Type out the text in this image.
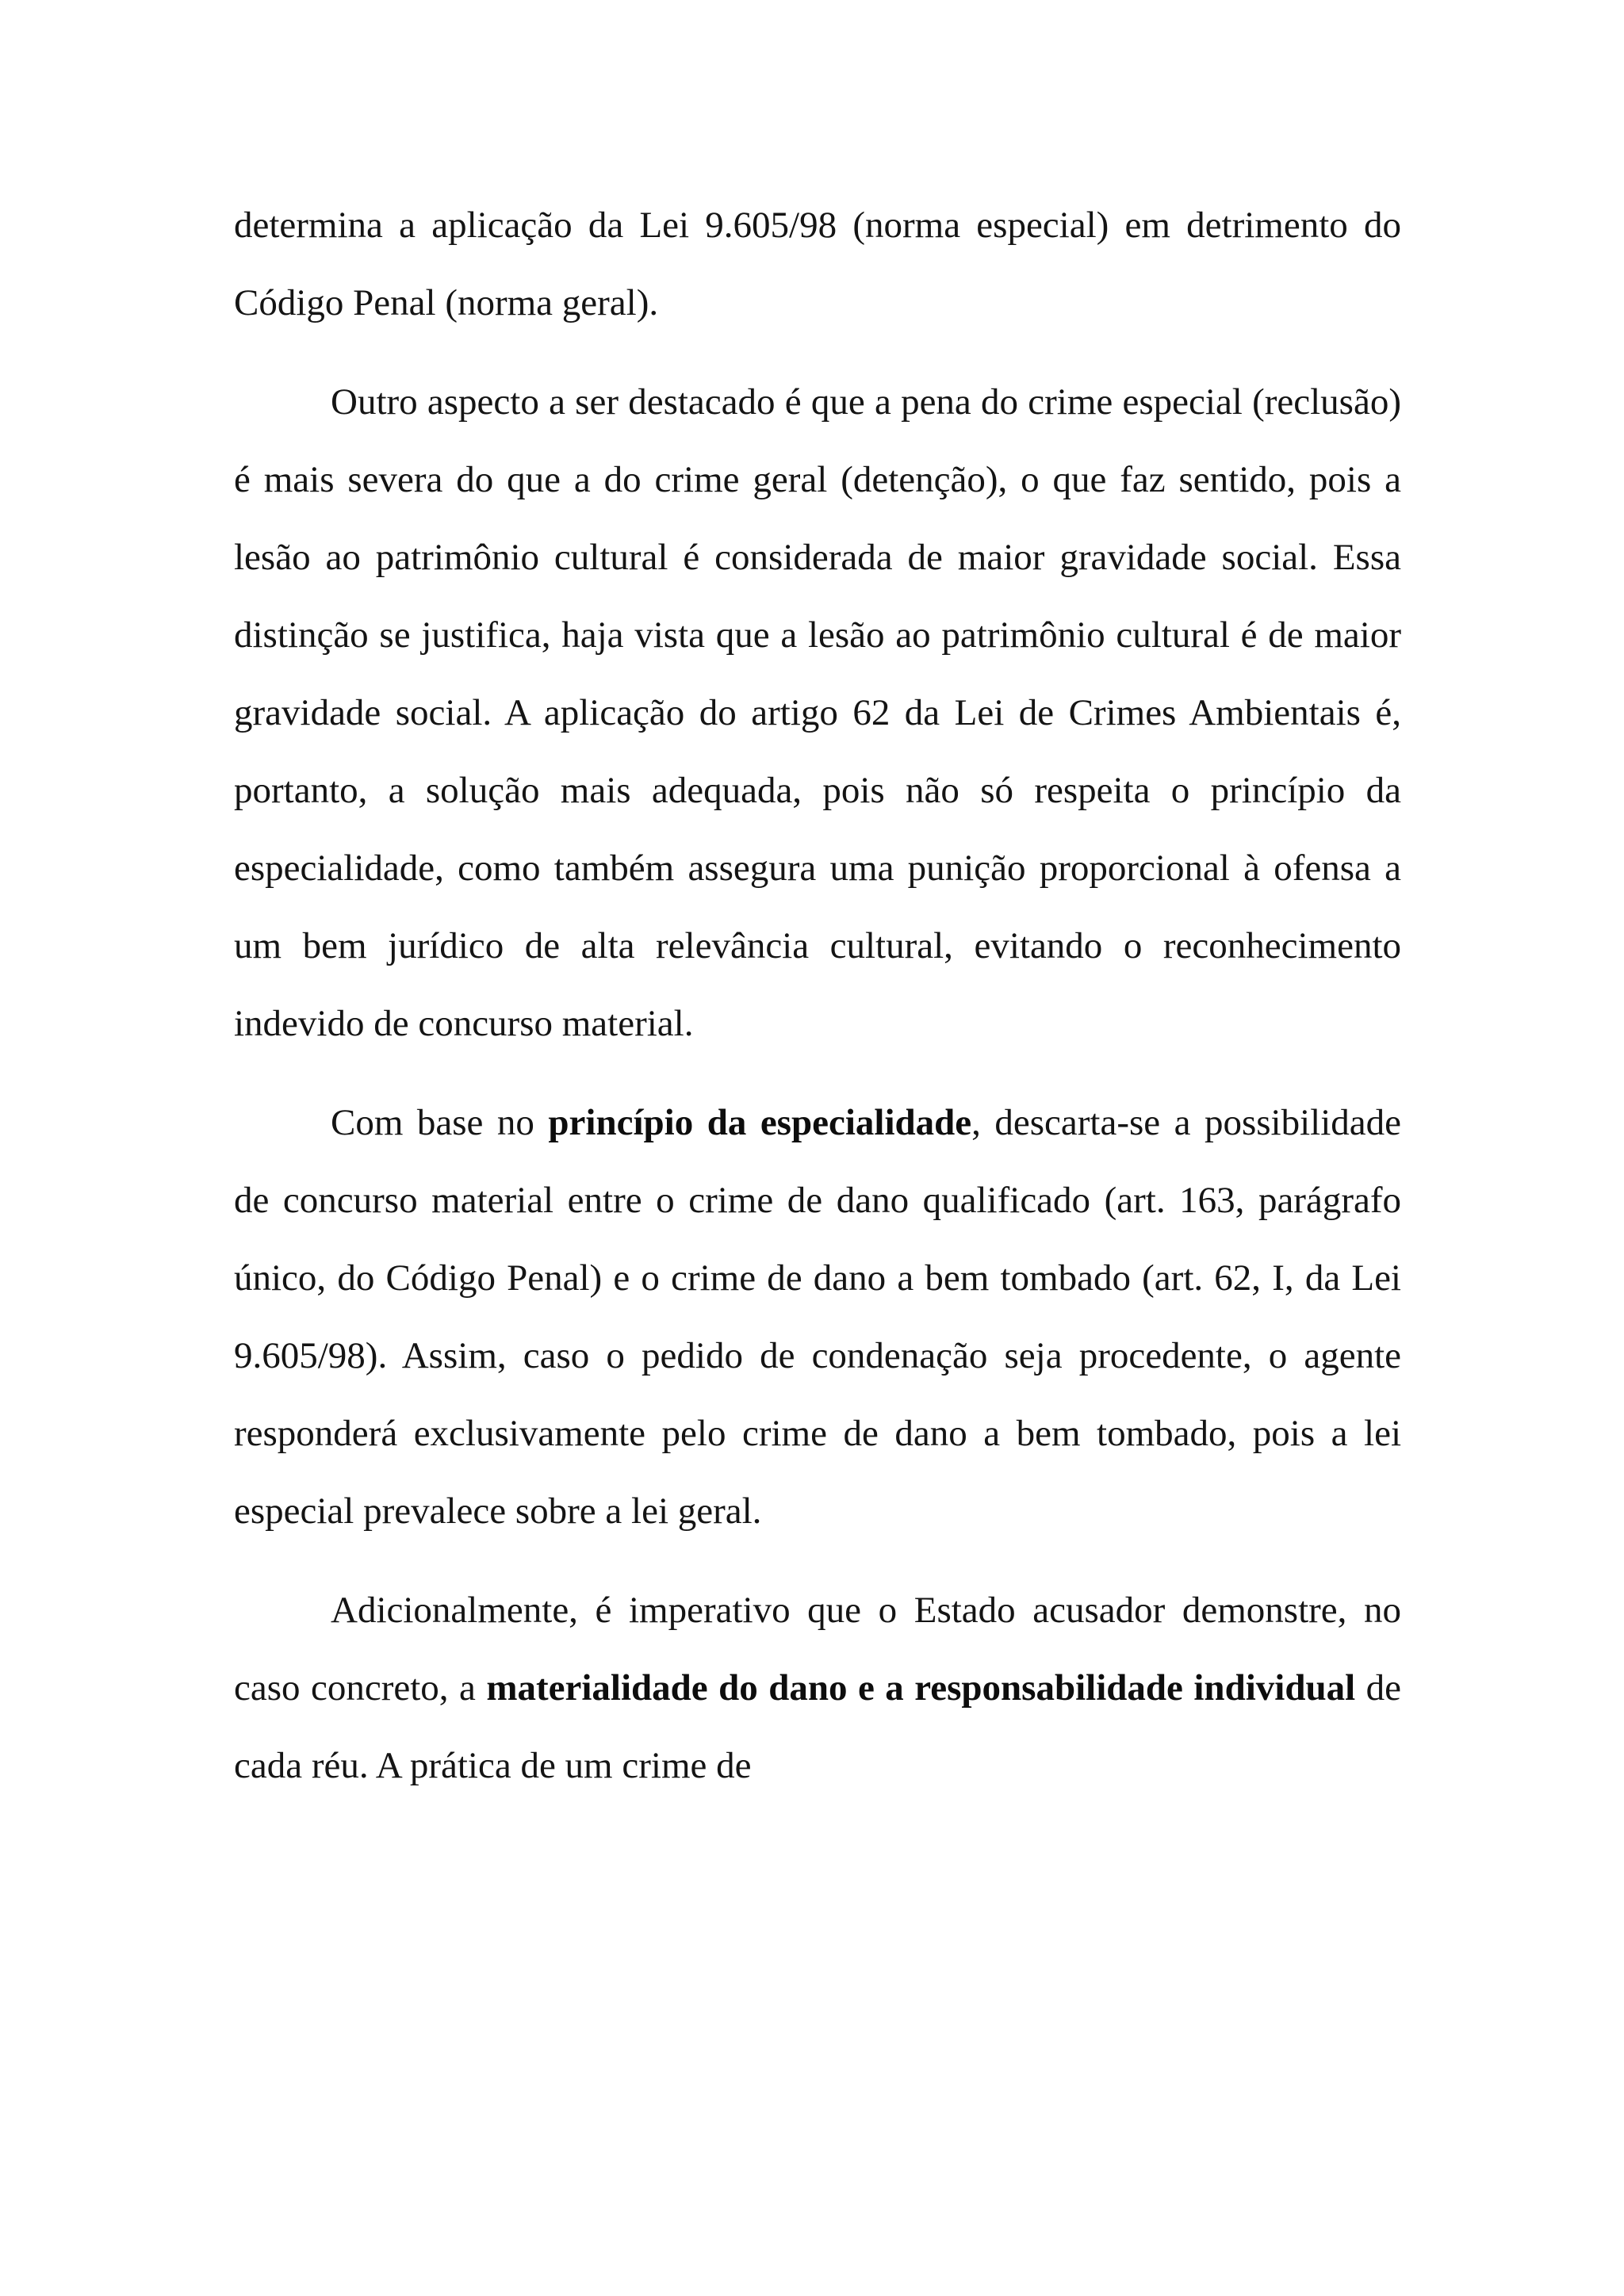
determina a aplicação da Lei 9.605/98 (norma especial) em detrimento do Código Penal (norma geral).

Outro aspecto a ser destacado é que a pena do crime especial (reclusão) é mais severa do que a do crime geral (detenção), o que faz sentido, pois a lesão ao patrimônio cultural é considerada de maior gravidade social. Essa distinção se justifica, haja vista que a lesão ao patrimônio cultural é de maior gravidade social. A aplicação do artigo 62 da Lei de Crimes Ambientais é, portanto, a solução mais adequada, pois não só respeita o princípio da especialidade, como também assegura uma punição proporcional à ofensa a um bem jurídico de alta relevância cultural, evitando o reconhecimento indevido de concurso material.

Com base no princípio da especialidade, descarta-se a possibilidade de concurso material entre o crime de dano qualificado (art. 163, parágrafo único, do Código Penal) e o crime de dano a bem tombado (art. 62, I, da Lei 9.605/98). Assim, caso o pedido de condenação seja procedente, o agente responderá exclusivamente pelo crime de dano a bem tombado, pois a lei especial prevalece sobre a lei geral.

Adicionalmente, é imperativo que o Estado acusador demonstre, no caso concreto, a materialidade do dano e a responsabilidade individual de cada réu. A prática de um crime de
